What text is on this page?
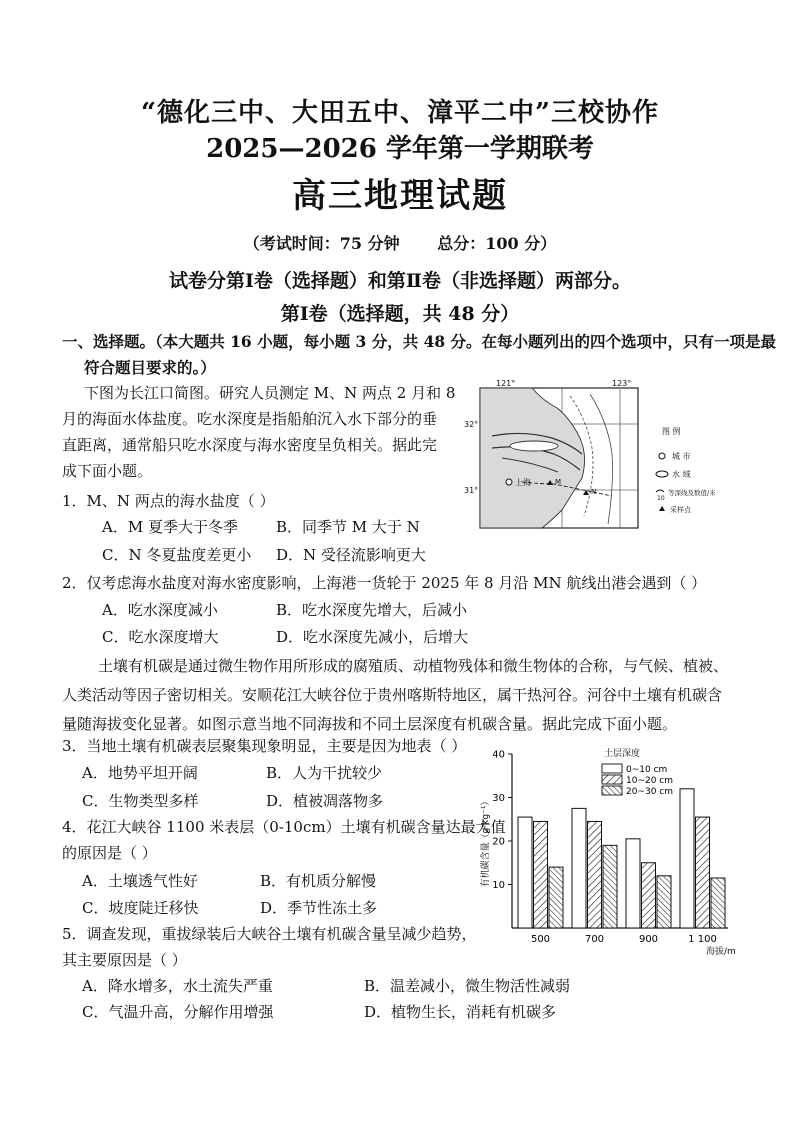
“德化三中、大田五中、漳平二中”三校协作
2025—2026 学年第一学期联考
高三地理试题
（考试时间：75 分钟 总分：100 分）
试卷分第Ⅰ卷（选择题）和第Ⅱ卷（非选择题）两部分。
第Ⅰ卷（选择题，共 48 分）
一、选择题。（本大题共 16 小题，每小题 3 分，共 48 分。在每小题列出的四个选项中，只有一项是最
符合题目要求的。）
下图为长江口简图。研究人员测定 M、N 两点 2 月和 8
月的海面水体盐度。吃水深度是指船舶沉入水下部分的垂
直距离，通常船只吃水深度与海水密度呈负相关。据此完
成下面小题。
上海	M
N
121°	123°
32°
31°
图 例
城 市
水 域
10
等深线及数值/米
采样点
1．M、N 两点的海水盐度（ ）
A．M 夏季大于冬季	B．同季节 M 大于 N
C．N 冬夏盐度差更小 D．N 受径流影响更大
2．仅考虑海水盐度对海水密度影响，上海港一货轮于 2025 年 8 月沿 MN 航线出港会遇到（ ）
A．吃水深度减小	B．吃水深度先增大，后减小
C．吃水深度增大	D．吃水深度先减小，后增大
土壤有机碳是通过微生物作用所形成的腐殖质、动植物残体和微生物体的合称，与气候、植被、
人类活动等因子密切相关。安顺花江大峡谷位于贵州喀斯特地区，属干热河谷。河谷中土壤有机碳含
量随海拔变化显著。如图示意当地不同海拔和不同土层深度有机碳含量。据此完成下面小题。
3．当地土壤有机碳表层聚集现象明显，主要是因为地表（ ）
A．地势平坦开阔	B．人为干扰较少
C．生物类型多样	D．植被凋落物多
4．花江大峡谷 1100 米表层（0-10cm）土壤有机碳含量达最大值
的原因是（ ）
A．土壤透气性好	B．有机质分解慢
C．坡度陡迁移快	D．季节性冻土多
5．调查发现，重拔绿装后大峡谷土壤有机碳含量呈减少趋势，
其主要原因是（ ）
A．降水增多，水土流失严重	B．温差减小，微生物活性减弱
C．气温升高，分解作用增强	D．植物生长，消耗有机碳多
10
20
30
40
500	700	900	1 100
有机碳含量（g·kg⁻¹）
海拔/m
土层深度
0~10 cm
10~20 cm
20~30 cm
